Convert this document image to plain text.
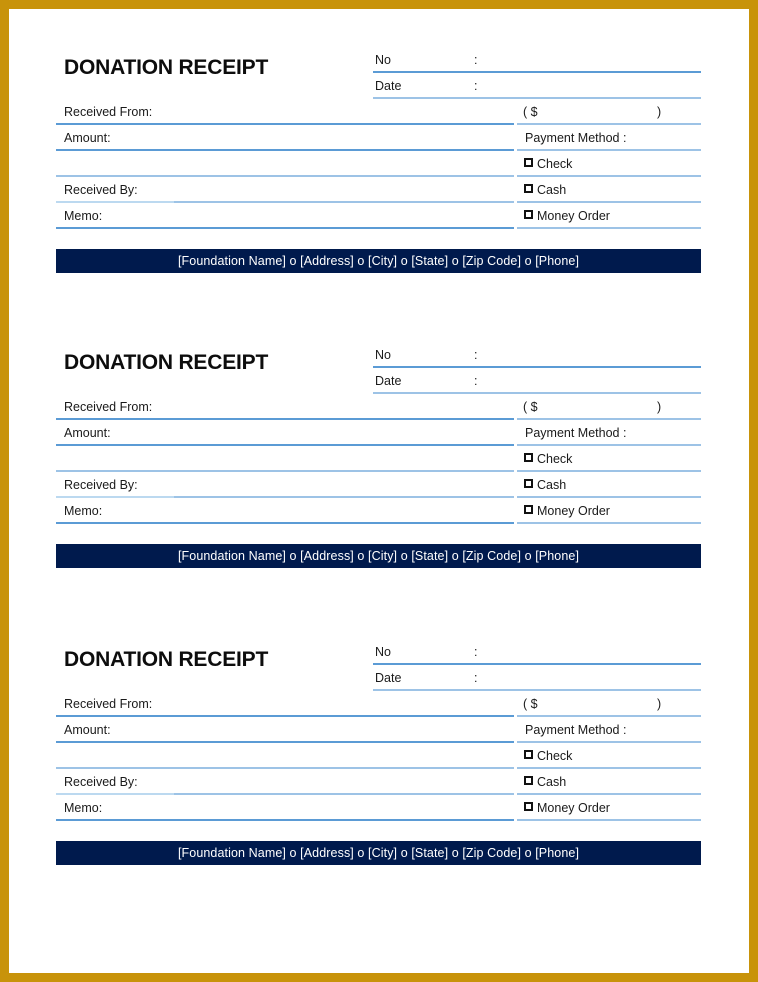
DONATION RECEIPT	No	:
Date	:
Received From:
Amount:
Received By:
Memo:
( $	)
Payment Method :
Check
Cash
Money Order
[Foundation Name] o [Address] o [City] o [State] o [Zip Code] o [Phone]
DONATION RECEIPT	No	:
Date	:
Received From:
Amount:
Received By:
Memo:
( $	)
Payment Method :
Check
Cash
Money Order
[Foundation Name] o [Address] o [City] o [State] o [Zip Code] o [Phone]
DONATION RECEIPT	No	:
Date	:
Received From:
Amount:
Received By:
Memo:
( $	)
Payment Method :
Check
Cash
Money Order
[Foundation Name] o [Address] o [City] o [State] o [Zip Code] o [Phone]
